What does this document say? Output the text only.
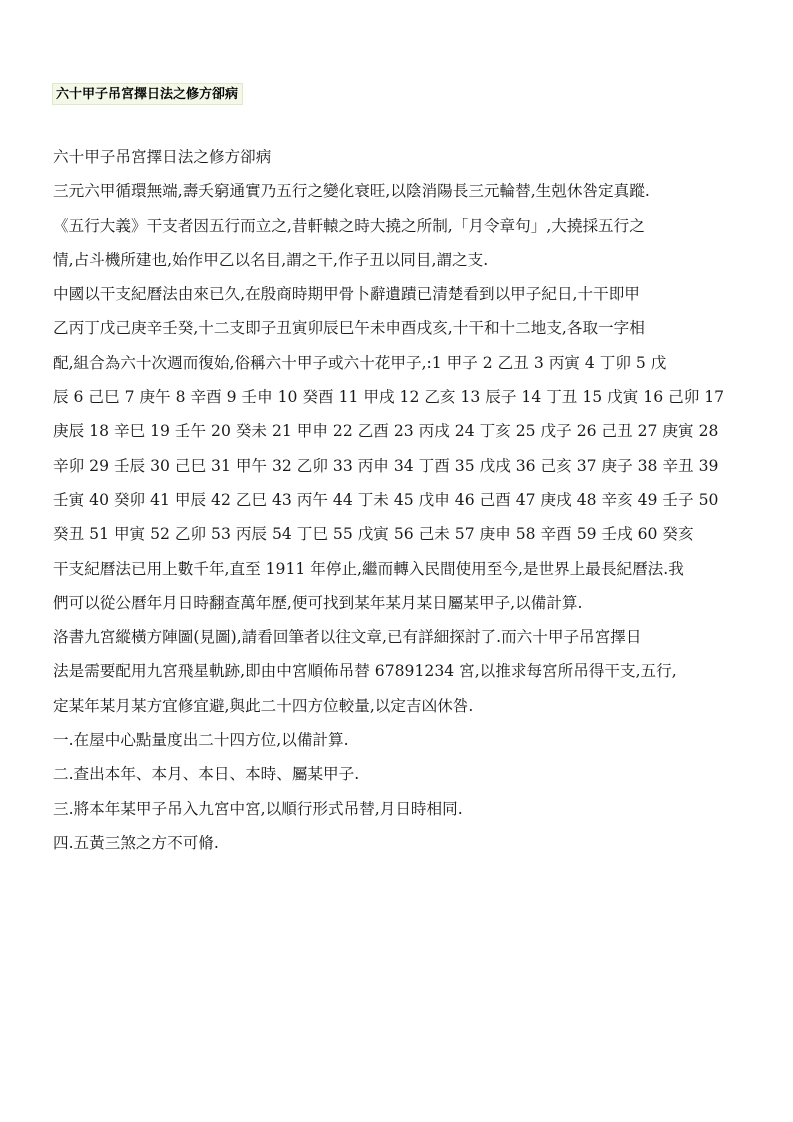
六十甲子吊宮擇日法之修方卻病
六十甲子吊宮擇日法之修方卻病
三元六甲循環無端,壽夭窮通實乃五行之變化衰旺,以陰消陽長三元輪替,生剋休咎定真蹤.
《五行大義》干支者因五行而立之,昔軒轅之時大撓之所制,「月令章句」,大撓採五行之
情,占斗機所建也,始作甲乙以名目,謂之干,作子丑以同目,謂之支.
中國以干支紀曆法由來已久,在殷商時期甲骨卜辭遺蹟已清楚看到以甲子紀日,十干即甲
乙丙丁戊己庚辛壬癸,十二支即子丑寅卯辰巳午未申酉戌亥,十干和十二地支,各取一字相
配,組合為六十次週而復始,俗稱六十甲子或六十花甲子,:1 甲子 2 乙丑 3 丙寅 4 丁卯 5 戊
辰 6 己巳 7 庚午 8 辛酉 9 壬申 10 癸酉 11 甲戌 12 乙亥 13 辰子 14 丁丑 15 戊寅 16 己卯 17
庚辰 18 辛巳 19 壬午 20 癸未 21 甲申 22 乙酉 23 丙戌 24 丁亥 25 戊子 26 己丑 27 庚寅 28
辛卯 29 壬辰 30 己巳 31 甲午 32 乙卯 33 丙申 34 丁酉 35 戊戌 36 己亥 37 庚子 38 辛丑 39
壬寅 40 癸卯 41 甲辰 42 乙巳 43 丙午 44 丁未 45 戊申 46 己酉 47 庚戌 48 辛亥 49 壬子 50
癸丑 51 甲寅 52 乙卯 53 丙辰 54 丁巳 55 戊寅 56 己未 57 庚申 58 辛酉 59 壬戌 60 癸亥
干支紀曆法已用上數千年,直至 1911 年停止,繼而轉入民間使用至今,是世界上最長紀曆法.我
們可以從公曆年月日時翻查萬年歷,便可找到某年某月某日屬某甲子,以備計算.
洛書九宮縱橫方陣圖(見圖),請看回筆者以往文章,已有詳細探討了.而六十甲子吊宮擇日
法是需要配用九宮飛星軌跡,即由中宮順佈吊替 67891234 宮,以推求每宮所吊得干支,五行,
定某年某月某方宜修宜避,與此二十四方位較量,以定吉凶休咎.
一.在屋中心點量度出二十四方位,以備計算.
二.查出本年、本月、本日、本時、屬某甲子.
三.將本年某甲子吊入九宮中宮,以順行形式吊替,月日時相同.
四.五黃三煞之方不可脩.
